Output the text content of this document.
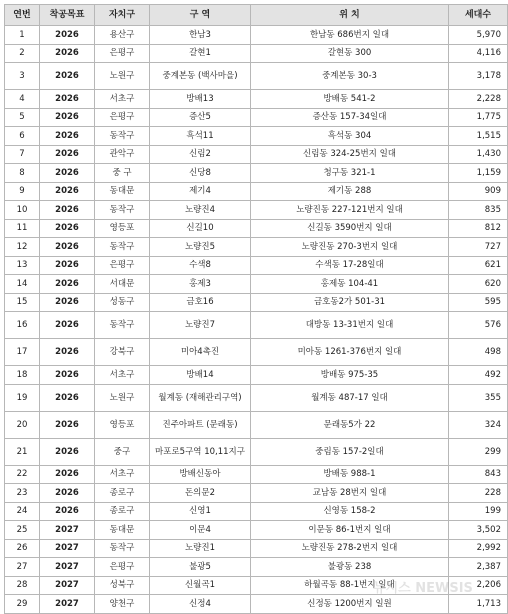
연번	착공목표	자치구	구 역	위 치	세대수
1	2026	용산구	한남3	한남동 686번지 일대	5,970
2	2026	은평구	갈현1	갈현동 300	4,116
3	2026	노원구	중계본동 (백사마을)	중계본동 30-3	3,178
4	2026	서초구	방배13	방배동 541-2	2,228
5	2026	은평구	증산5	증산동 157-34일대	1,775
6	2026	동작구	흑석11	흑석동 304	1,515
7	2026	관악구	신림2	신림동 324-25번지 일대	1,430
8	2026	중 구	신당8	청구동 321-1	1,159
9	2026	동대문	제기4	제기동 288	909
10	2026	동작구	노량진4	노량진동 227-121번지 일대	835
11	2026	영등포	신길10	신길동 3590번지 일대	812
12	2026	동작구	노량진5	노량진동 270-3번지 일대	727
13	2026	은평구	수색8	수색동 17-28일대	621
14	2026	서대문	홍제3	홍제동 104-41	620
15	2026	성동구	금호16	금호동2가 501-31	595
16	2026	동작구	노량진7	대방동 13-31번지 일대	576
17	2026	강북구	미아4촉진	미아동 1261-376번지 일대	498
18	2026	서초구	방배14	방배동 975-35	492
19	2026	노원구	월계동 (재해관리구역)	월계동 487-17 일대	355
20	2026	영등포	진주아파트 (문래동)	문래동5가 22	324
21	2026	중구	마포로5구역 10,11지구	중림동 157-2일대	299
22	2026	서초구	방배신동아	방배동 988-1	843
23	2026	종로구	돈의문2	교남동 28번지 일대	228
24	2026	종로구	신영1	신영동 158-2	199
25	2027	동대문	이문4	이문동 86-1번지 일대	3,502
26	2027	동작구	노량진1	노량진동 278-2번지 일대	2,992
27	2027	은평구	불광5	불광동 238	2,387
28	2027	성북구	신월곡1	하월곡동 88-1번지 일대	2,206
29	2027	양천구	신정4	신정동 1200번지 일원	1,713
뉴시스 NEWSIS
